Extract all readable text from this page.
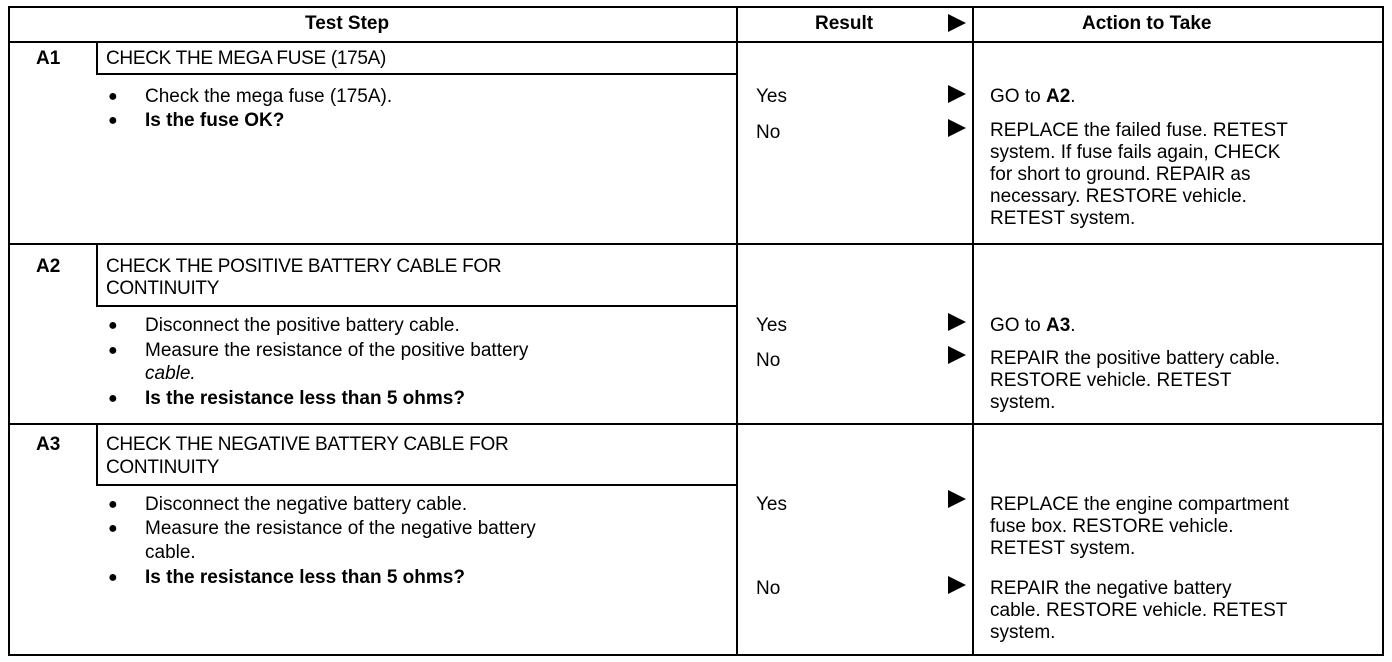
Test Step	Result	Action to Take
A1 CHECK THE MEGA FUSE (175A)
● Check the mega fuse (175A).
● Is the fuse OK?
Yes	GO to A2.
No	REPLACE the failed fuse. RETEST
system. If fuse fails again, CHECK
for short to ground. REPAIR as
necessary. RESTORE vehicle.
RETEST system.
A2 CHECK THE POSITIVE BATTERY CABLE FOR
CONTINUITY
● Disconnect the positive battery cable.
● Measure the resistance of the positive battery
cable.
● Is the resistance less than 5 ohms?
Yes	GO to A3.
No	REPAIR the positive battery cable.
RESTORE vehicle. RETEST
system.
A3 CHECK THE NEGATIVE BATTERY CABLE FOR
CONTINUITY
● Disconnect the negative battery cable.
● Measure the resistance of the negative battery
cable.
● Is the resistance less than 5 ohms?
Yes	REPLACE the engine compartment
fuse box. RESTORE vehicle.
RETEST system.
No	REPAIR the negative battery
cable. RESTORE vehicle. RETEST
system.
